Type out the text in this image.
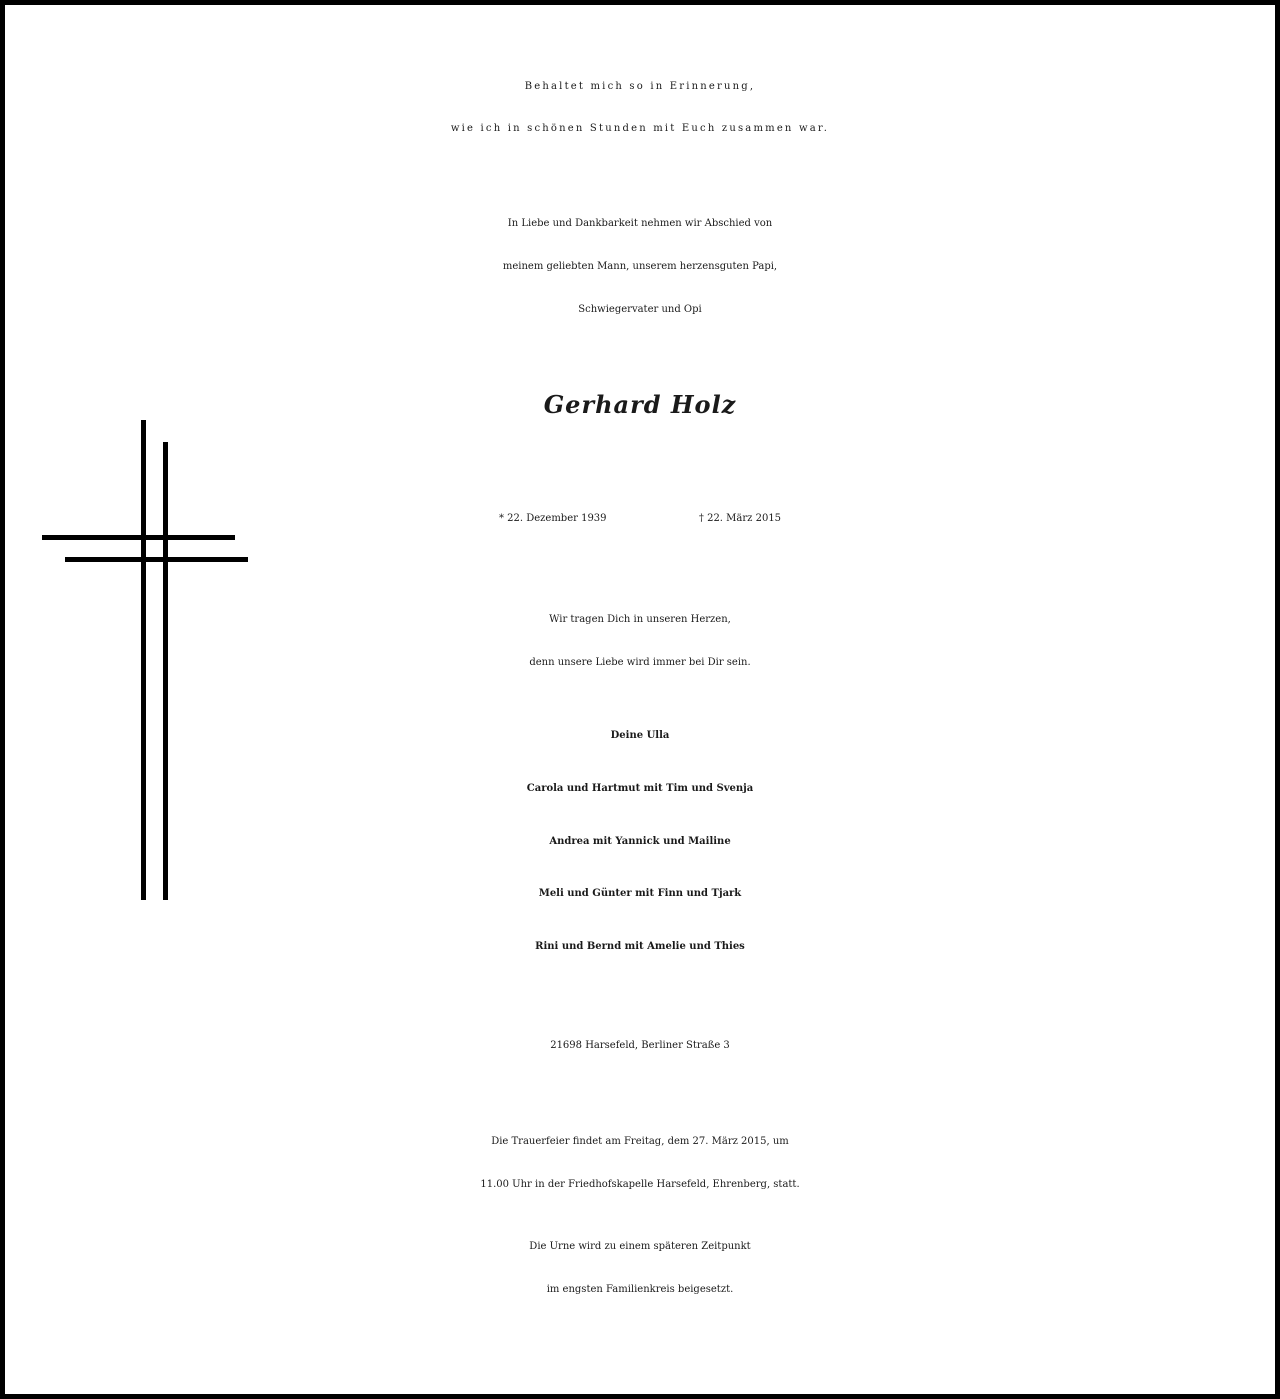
Behaltet mich so in Erinnerung,
wie ich in schönen Stunden mit Euch zusammen war.
In Liebe und Dankbarkeit nehmen wir Abschied von
meinem geliebten Mann, unserem herzensguten Papi,
Schwiegervater und Opi
Gerhard Holz
* 22. Dezember 1939	† 22. März 2015
Wir tragen Dich in unseren Herzen,
denn unsere Liebe wird immer bei Dir sein.
Deine Ulla
Carola und Hartmut mit Tim und Svenja
Andrea mit Yannick und Mailine
Meli und Günter mit Finn und Tjark
Rini und Bernd mit Amelie und Thies
21698 Harsefeld, Berliner Straße 3
Die Trauerfeier findet am Freitag, dem 27. März 2015, um
11.00 Uhr in der Friedhofskapelle Harsefeld, Ehrenberg, statt.
Die Urne wird zu einem späteren Zeitpunkt
im engsten Familienkreis beigesetzt.
